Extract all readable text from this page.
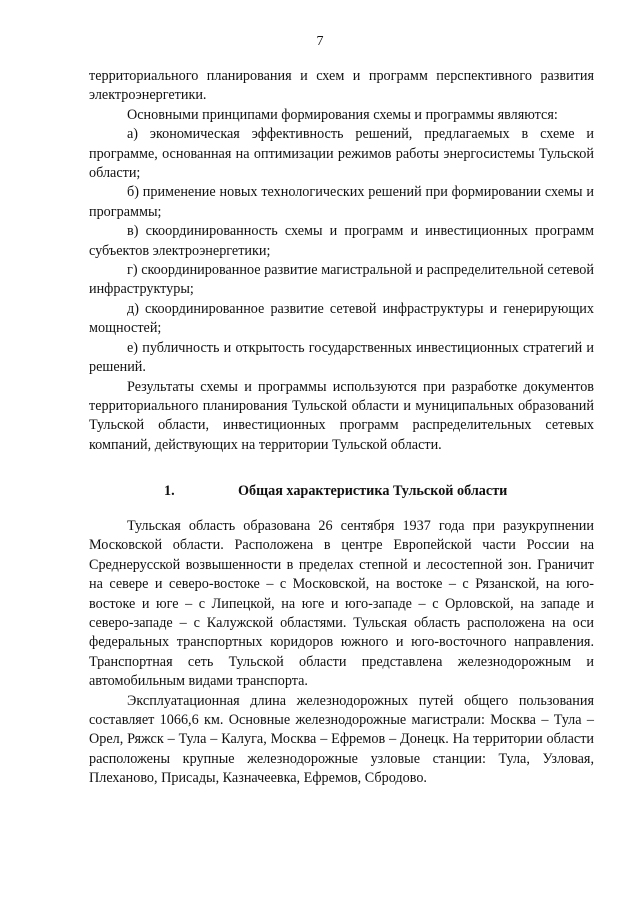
7

территориального планирования и схем и программ перспективного развития электроэнергетики.

Основными принципами формирования схемы и программы являются:

а) экономическая эффективность решений, предлагаемых в схеме и программе, основанная на оптимизации режимов работы энергосистемы Тульской области;

б) применение новых технологических решений при формировании схемы и программы;

в) скоординированность схемы и программ и инвестиционных программ субъектов электроэнергетики;

г) скоординированное развитие магистральной и распределительной сетевой инфраструктуры;

д) скоординированное развитие сетевой инфраструктуры и генерирующих мощностей;

е) публичность и открытость государственных инвестиционных стратегий и решений.

Результаты схемы и программы используются при разработке документов территориального планирования Тульской области и муниципальных образований Тульской области, инвестиционных программ распределительных сетевых компаний, действующих на территории Тульской области.

1.	Общая характеристика Тульской области

Тульская область образована 26 сентября 1937 года при разукрупнении Московской области. Расположена в центре Европейской части России на Среднерусской возвышенности в пределах степной и лесостепной зон. Граничит на севере и северо-востоке – с Московской, на востоке – с Рязанской, на юго-востоке и юге – с Липецкой, на юге и юго-западе – с Орловской, на западе и северо-западе – с Калужской областями. Тульская область расположена на оси федеральных транспортных коридоров южного и юго-восточного направления. Транспортная сеть Тульской области представлена железнодорожным и автомобильным видами транспорта.

Эксплуатационная длина железнодорожных путей общего пользования составляет 1066,6 км. Основные железнодорожные магистрали: Москва – Тула – Орел, Ряжск – Тула – Калуга, Москва – Ефремов – Донецк. На территории области расположены крупные железнодорожные узловые станции: Тула, Узловая, Плеханово, Присады, Казначеевка, Ефремов, Сбродово.
